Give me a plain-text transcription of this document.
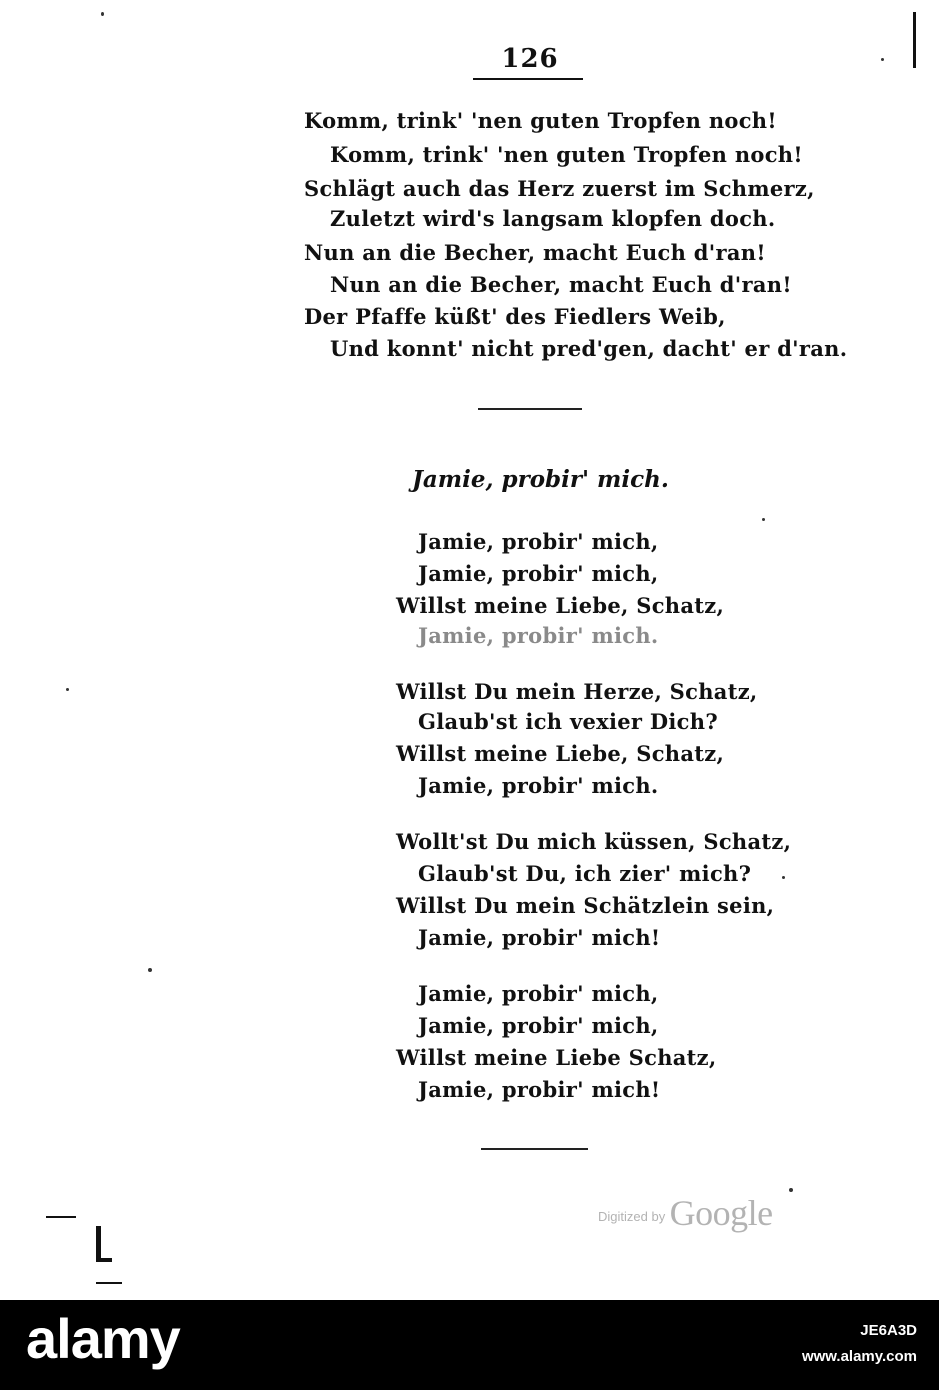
126
Komm, trink' 'nen guten Tropfen noch!
Komm, trink' 'nen guten Tropfen noch!
Schlägt auch das Herz zuerst im Schmerz,
Zuletzt wird's langsam klopfen doch.
Nun an die Becher, macht Euch d'ran!
Nun an die Becher, macht Euch d'ran!
Der Pfaffe küßt' des Fiedlers Weib,
Und konnt' nicht pred'gen, dacht' er d'ran.
Jamie, probir' mich.
Jamie, probir' mich,
Jamie, probir' mich,
Willst meine Liebe, Schatz,
Jamie, probir' mich.
Willst Du mein Herze, Schatz,
Glaub'st ich vexier Dich?
Willst meine Liebe, Schatz,
Jamie, probir' mich.
Wollt'st Du mich küssen, Schatz,
Glaub'st Du, ich zier' mich?
Willst Du mein Schätzlein sein,
Jamie, probir' mich!
Jamie, probir' mich,
Jamie, probir' mich,
Willst meine Liebe Schatz,
Jamie, probir' mich!
$^{Digitized by}$ Google
alamy	JE6A3D
www.alamy.com
